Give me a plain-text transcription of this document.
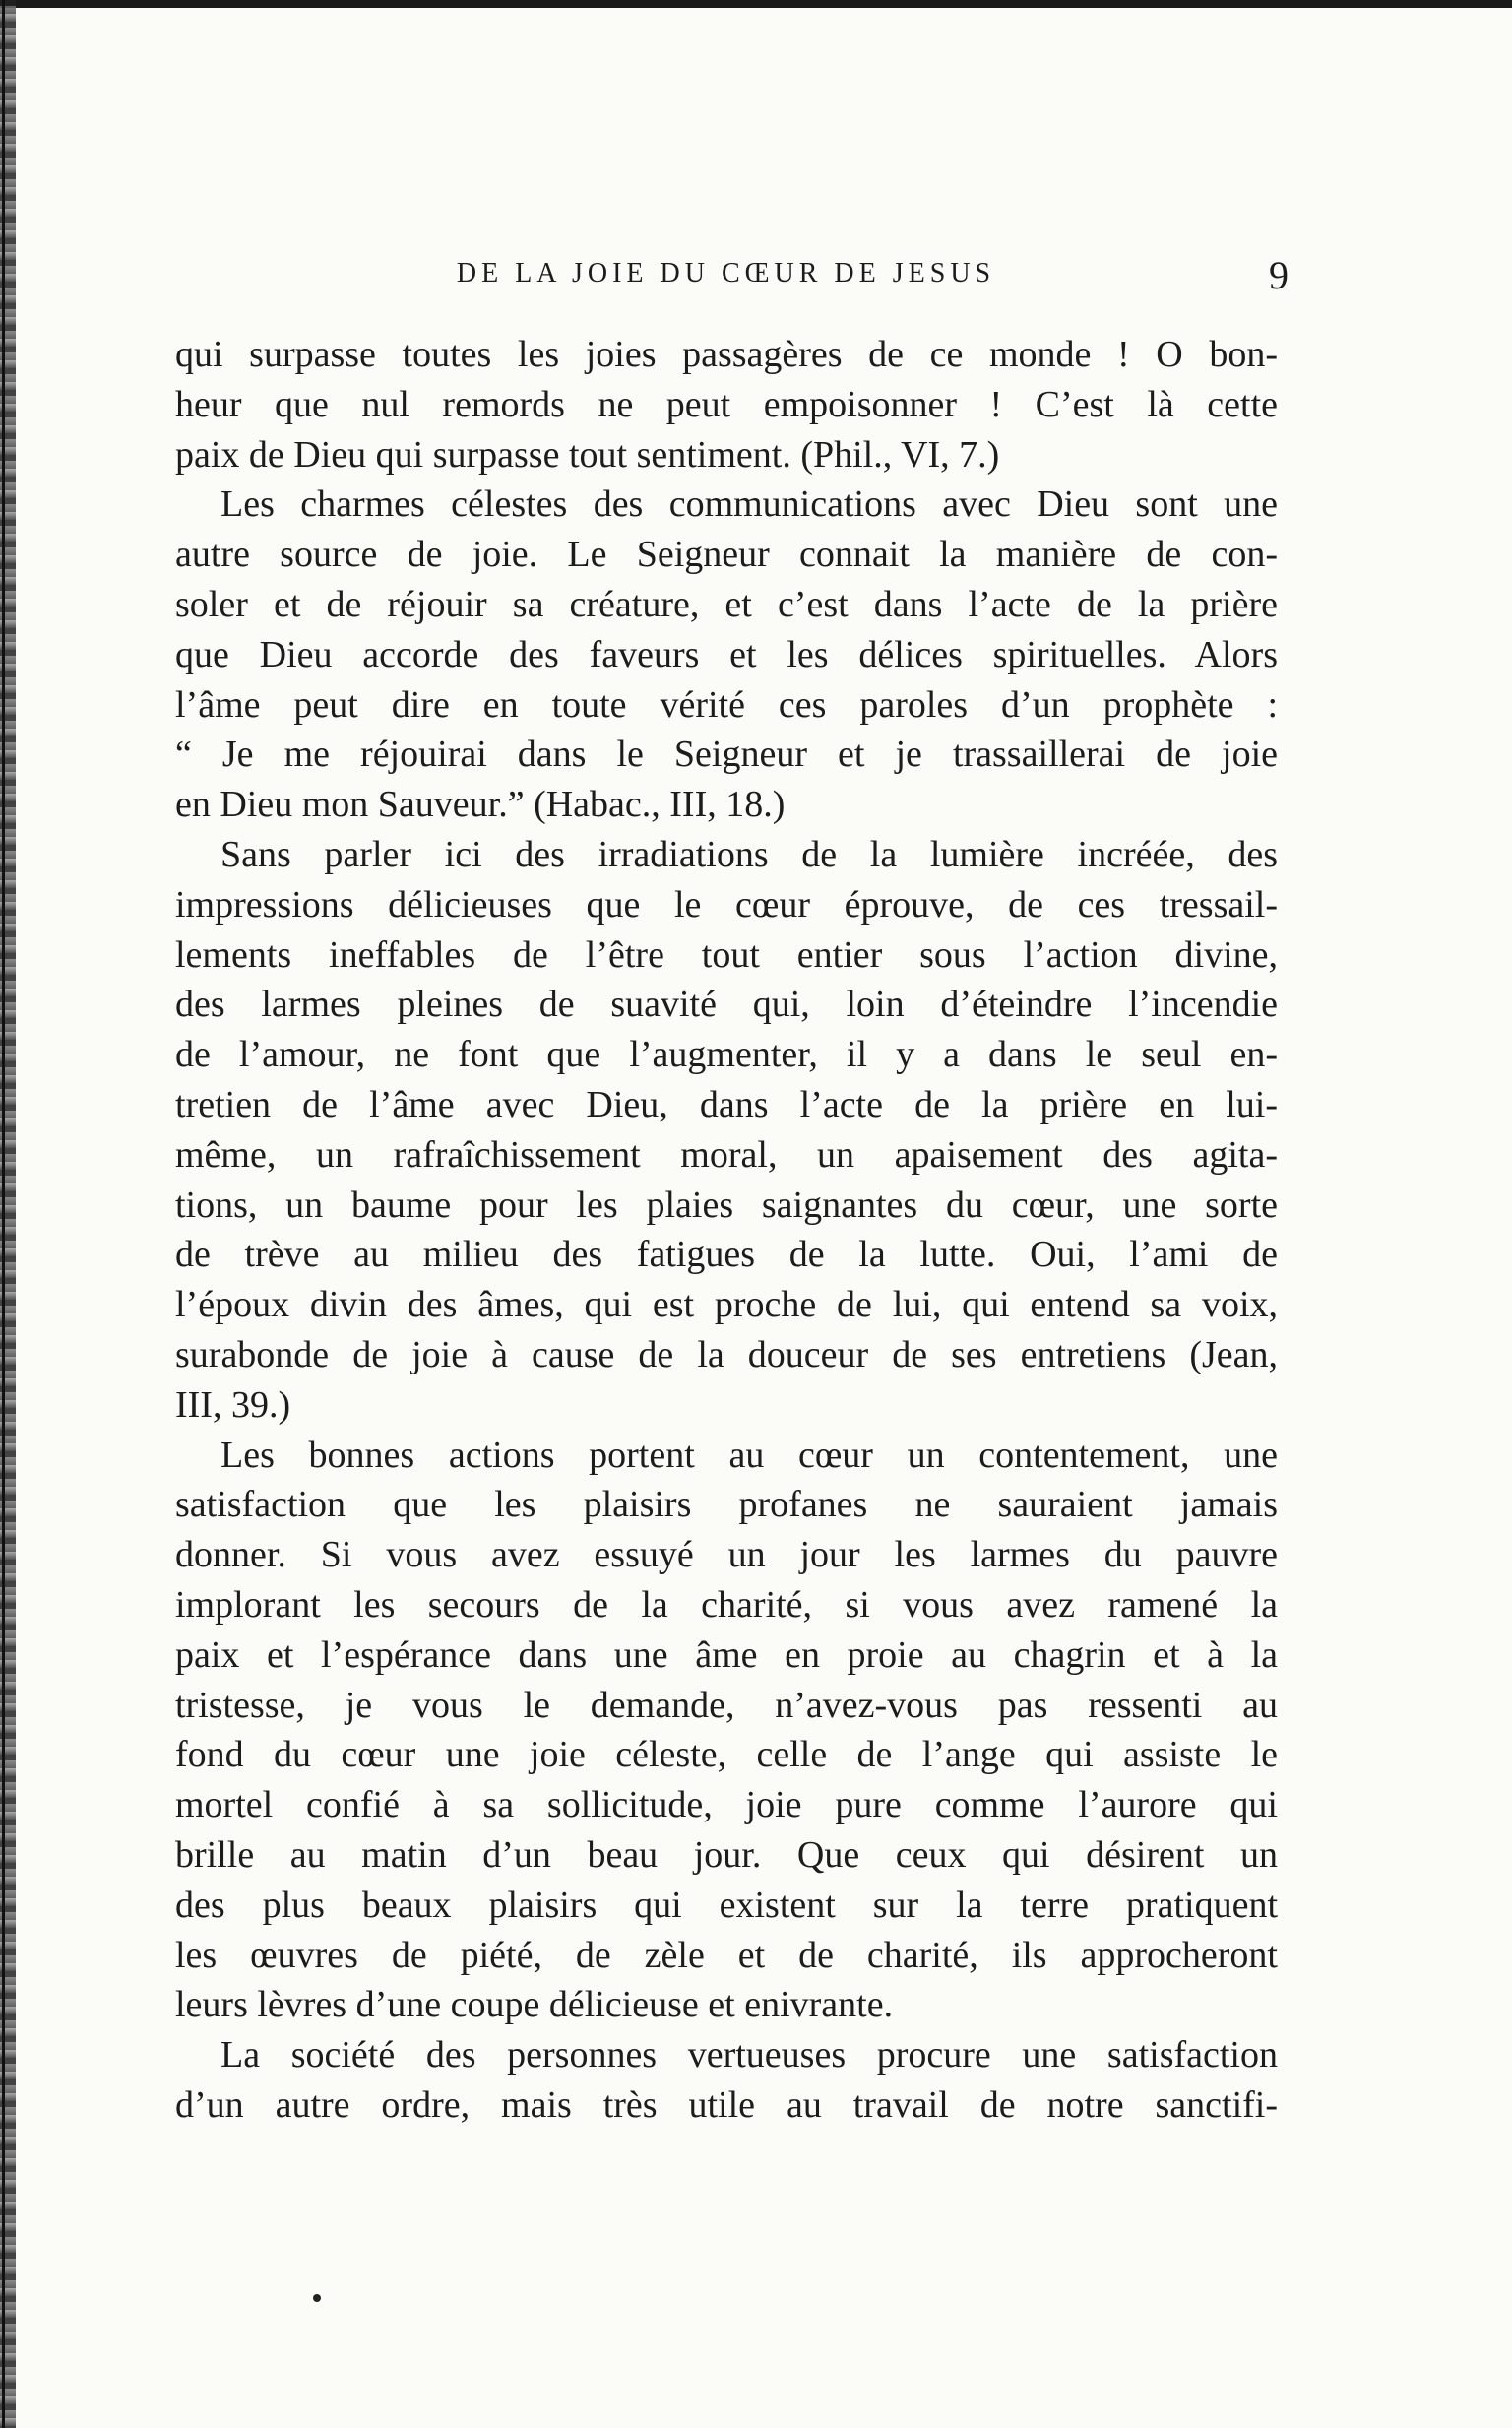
DE LA JOIE DU CŒUR DE JESUS	9
qui surpasse toutes les joies passagères de ce monde ! O bon-
heur que nul remords ne peut empoisonner ! C’est là cette
paix de Dieu qui surpasse tout sentiment. (Phil., VI, 7.)
Les charmes célestes des communications avec Dieu sont une
autre source de joie. Le Seigneur connait la manière de con-
soler et de réjouir sa créature, et c’est dans l’acte de la prière
que Dieu accorde des faveurs et les délices spirituelles. Alors
l’âme peut dire en toute vérité ces paroles d’un prophète :
“ Je me réjouirai dans le Seigneur et je trassaillerai de joie
en Dieu mon Sauveur.” (Habac., III, 18.)
Sans parler ici des irradiations de la lumière incréée, des
impressions délicieuses que le cœur éprouve, de ces tressail-
lements ineffables de l’être tout entier sous l’action divine,
des larmes pleines de suavité qui, loin d’éteindre l’incendie
de l’amour, ne font que l’augmenter, il y a dans le seul en-
tretien de l’âme avec Dieu, dans l’acte de la prière en lui-
même, un rafraîchissement moral, un apaisement des agita-
tions, un baume pour les plaies saignantes du cœur, une sorte
de trève au milieu des fatigues de la lutte. Oui, l’ami de
l’époux divin des âmes, qui est proche de lui, qui entend sa voix,
surabonde de joie à cause de la douceur de ses entretiens (Jean,
III, 39.)
Les bonnes actions portent au cœur un contentement, une
satisfaction que les plaisirs profanes ne sauraient jamais
donner. Si vous avez essuyé un jour les larmes du pauvre
implorant les secours de la charité, si vous avez ramené la
paix et l’espérance dans une âme en proie au chagrin et à la
tristesse, je vous le demande, n’avez-vous pas ressenti au
fond du cœur une joie céleste, celle de l’ange qui assiste le
mortel confié à sa sollicitude, joie pure comme l’aurore qui
brille au matin d’un beau jour. Que ceux qui désirent un
des plus beaux plaisirs qui existent sur la terre pratiquent
les œuvres de piété, de zèle et de charité, ils approcheront
leurs lèvres d’une coupe délicieuse et enivrante.
La société des personnes vertueuses procure une satisfaction
d’un autre ordre, mais très utile au travail de notre sanctifi-
